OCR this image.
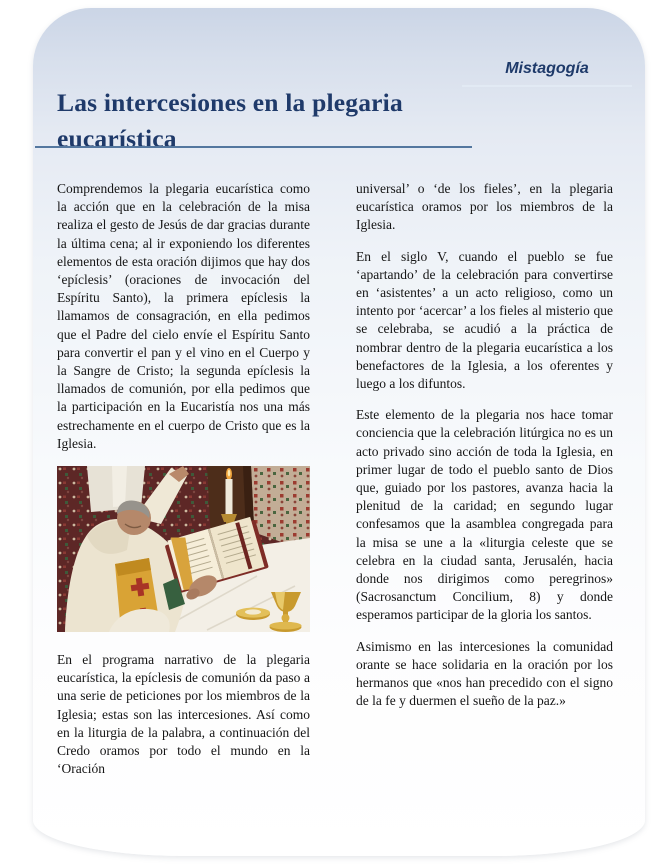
Mistagogía
Las intercesiones en la plegaria eucarística

Comprendemos la plegaria eucarística como la acción que en la celebración de la misa realiza el gesto de Jesús de dar gracias durante la última cena; al ir exponiendo los diferentes elementos de esta oración dijimos que hay dos ‘epíclesis’ (oraciones de invocación del Espíritu Santo), la primera epíclesis la llamamos de consagración, en ella pedimos que el Padre del cielo envíe el Espíritu Santo para convertir el pan y el vino en el Cuerpo y la Sangre de Cristo; la segunda epíclesis la llamados de comunión, por ella pedimos que la participación en la Eucaristía nos una más estrechamente en el cuerpo de Cristo que es la Iglesia.

En el programa narrativo de la plegaria eucarística, la epíclesis de comunión da paso a una serie de peticiones por los miembros de la Iglesia; estas son las intercesiones. Así como en la liturgia de la palabra, a continuación del Credo oramos por todo el mundo en la ‘Oración

universal’ o ‘de los fieles’, en la plegaria eucarística oramos por los miembros de la Iglesia.

En el siglo V, cuando el pueblo se fue ‘apartando’ de la celebración para convertirse en ‘asistentes’ a un acto religioso, como un intento por ‘acercar’ a los fieles al misterio que se celebraba, se acudió a la práctica de nombrar dentro de la plegaria eucarística a los benefactores de la Iglesia, a los oferentes y luego a los difuntos.

Este elemento de la plegaria nos hace tomar conciencia que la celebración litúrgica no es un acto privado sino acción de toda la Iglesia, en primer lugar de todo el pueblo santo de Dios que, guiado por los pastores, avanza hacia la plenitud de la caridad; en segundo lugar confesamos que la asamblea congregada para la misa se une a la «liturgia celeste que se celebra en la ciudad santa, Jerusalén, hacia donde nos dirigimos como peregrinos» (Sacrosanctum Concilium, 8) y donde esperamos participar de la gloria los santos.

Asimismo en las intercesiones la comunidad orante se hace solidaria en la oración por los hermanos que «nos han precedido con el signo de la fe y duermen el sueño de la paz.»
